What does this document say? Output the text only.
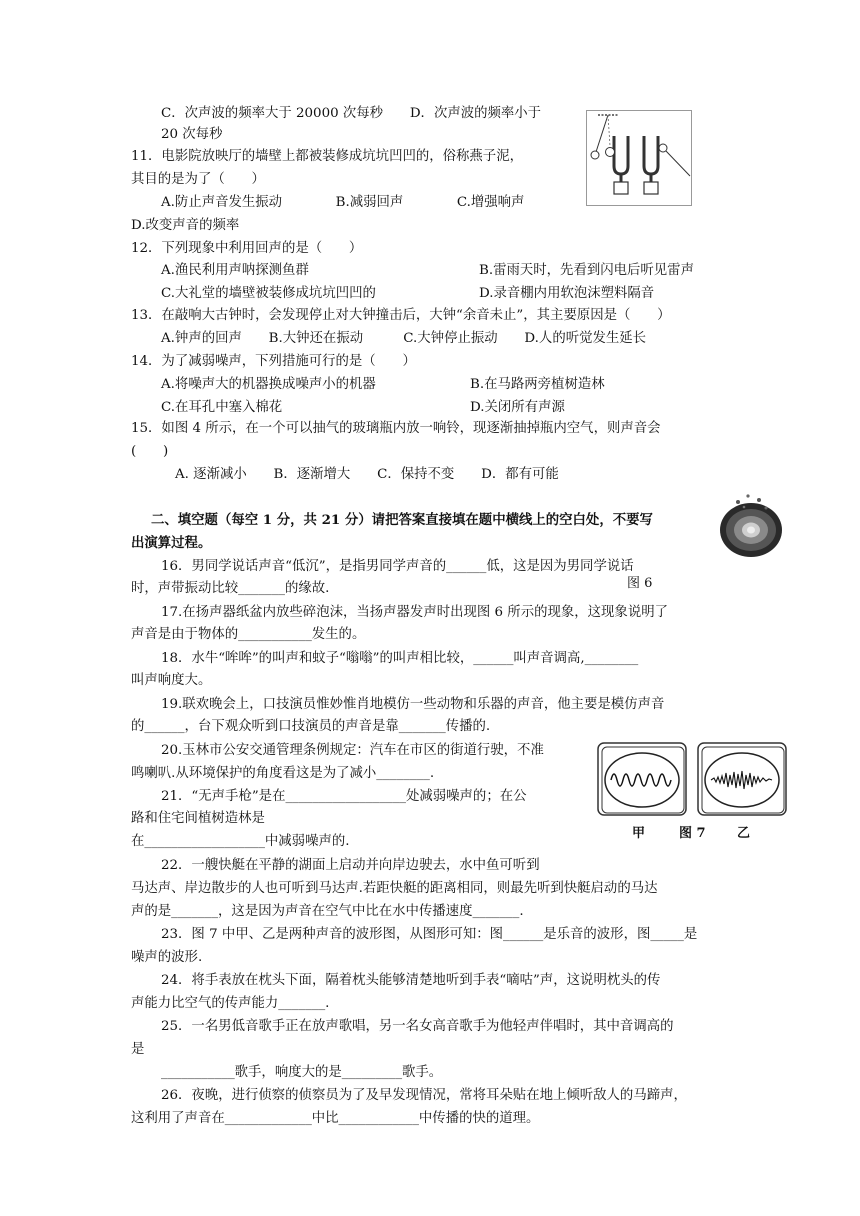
C．次声波的频率大于 20000 次每秒　　D．次声波的频率小于
20 次每秒
11．电影院放映厅的墙壁上都被装修成坑坑凹凹的，俗称燕子泥，
其目的是为了（　　）
A.防止声音发生振动　　　　B.减弱回声　　　　C.增强响声
D.改变声音的频率
12．下列现象中利用回声的是（　　）
A.渔民利用声呐探测鱼群	B.雷雨天时，先看到闪电后听见雷声
C.大礼堂的墙壁被装修成坑坑凹凹的	D.录音棚内用软泡沫塑料隔音
13．在敲响大古钟时，会发现停止对大钟撞击后，大钟“余音未止”，其主要原因是（　　）
A.钟声的回声　　B.大钟还在振动　　　C.大钟停止振动　　D.人的听觉发生延长
14．为了减弱噪声，下列措施可行的是（　　）
A.将噪声大的机器换成噪声小的机器	B.在马路两旁植树造林
C.在耳孔中塞入棉花	D.关闭所有声源
15．如图 4 所示，在一个可以抽气的玻璃瓶内放一响铃，现逐渐抽掉瓶内空气，则声音会
(　　)
A. 逐渐减小　　B．逐渐增大　　C．保持不变　　D．都有可能
二、填空题（每空 1 分，共 21 分）请把答案直接填在题中横线上的空白处，不要写
出演算过程。
16．男同学说话声音“低沉”，是指男同学声音的______低，这是因为男同学说话
时，声带振动比较_______的缘故.
17.在扬声器纸盆内放些碎泡沫，当扬声器发声时出现图 6 所示的现象，这现象说明了
声音是由于物体的___________发生的。
18．水牛“哞哞”的叫声和蚊子“嗡嗡”的叫声相比较，______叫声音调高,________
叫声响度大。
19.联欢晚会上，口技演员惟妙惟肖地模仿一些动物和乐器的声音，他主要是模仿声音
的______，台下观众听到口技演员的声音是靠_______传播的.
20.玉林市公安交通管理条例规定：汽车在市区的街道行驶，不准
鸣喇叭.从环境保护的角度看这是为了减小________.
21．“无声手枪”是在__________________处减弱噪声的；在公
路和住宅间植树造林是
在__________________中减弱噪声的.
22．一艘快艇在平静的湖面上启动并向岸边驶去，水中鱼可听到
马达声、岸边散步的人也可听到马达声.若距快艇的距离相同，则最先听到快艇启动的马达
声的是_______，这是因为声音在空气中比在水中传播速度_______.
23．图 7 中甲、乙是两种声音的波形图，从图形可知：图______是乐音的波形，图_____是
噪声的波形.
24．将手表放在枕头下面，隔着枕头能够清楚地听到手表“嘀咕”声，这说明枕头的传
声能力比空气的传声能力_______.
25．一名男低音歌手正在放声歌唱，另一名女高音歌手为他轻声伴唱时，其中音调高的
是
___________歌手，响度大的是_________歌手。
26．夜晚，进行侦察的侦察员为了及早发现情况，常将耳朵贴在地上倾听敌人的马蹄声，
这利用了声音在_____________中比____________中传播的快的道理。
图 6
甲	图 7 乙
